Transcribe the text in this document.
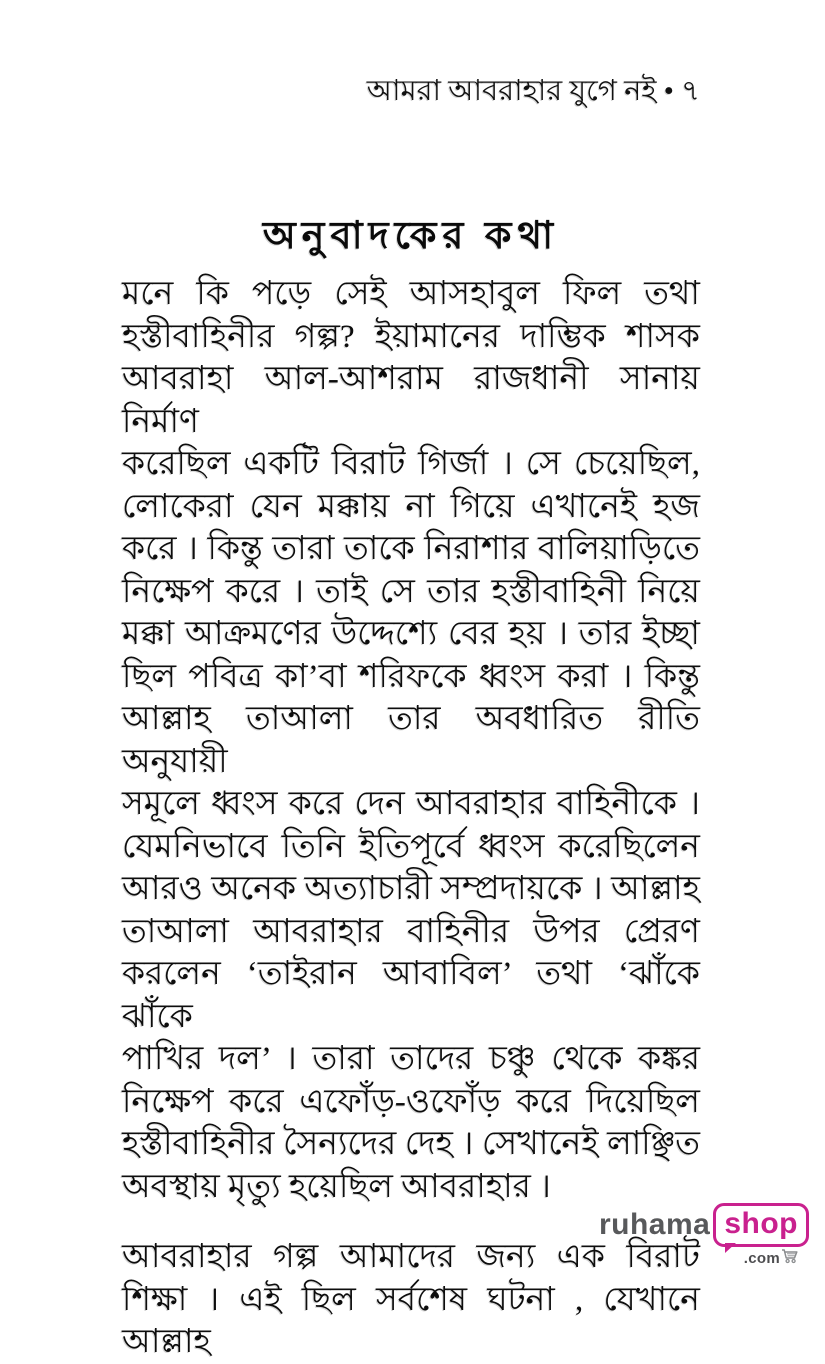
আমরা আবরাহার যুগে নই • ৭
অনুবাদকের কথা
মনে কি পড়ে সেই আসহাবুল ফিল তথা
হস্তীবাহিনীর গল্প? ইয়ামানের দাম্ভিক শাসক
আবরাহা আল-আশরাম রাজধানী সানায় নির্মাণ
করেছিল একটি বিরাট গির্জা । সে চেয়েছিল,
লোকেরা যেন মক্কায় না গিয়ে এখানেই হজ
করে । কিন্তু তারা তাকে নিরাশার বালিয়াড়িতে
নিক্ষেপ করে । তাই সে তার হস্তীবাহিনী নিয়ে
মক্কা আক্রমণের উদ্দেশ্যে বের হয় । তার ইচ্ছা
ছিল পবিত্র কা’বা শরিফকে ধ্বংস করা । কিন্তু
আল্লাহ তাআলা তার অবধারিত রীতি অনুযায়ী
সমূলে ধ্বংস করে দেন আবরাহার বাহিনীকে ।
যেমনিভাবে তিনি ইতিপূর্বে ধ্বংস করেছিলেন
আরও অনেক অত্যাচারী সম্প্রদায়কে । আল্লাহ
তাআলা আবরাহার বাহিনীর উপর প্রেরণ
করলেন ‘তাইরান আবাবিল’ তথা ‘ঝাঁকে ঝাঁকে
পাখির দল’ । তারা তাদের চঞ্চু থেকে কঙ্কর
নিক্ষেপ করে এফোঁড়-ওফোঁড় করে দিয়েছিল
হস্তীবাহিনীর সৈন্যদের দেহ । সেখানেই লাঞ্ছিত
অবস্থায় মৃত্যু হয়েছিল আবরাহার ।
আবরাহার গল্প আমাদের জন্য এক বিরাট
শিক্ষা । এই ছিল সর্বশেষ ঘটনা , যেখানে আল্লাহ
ruhama shop
.com
